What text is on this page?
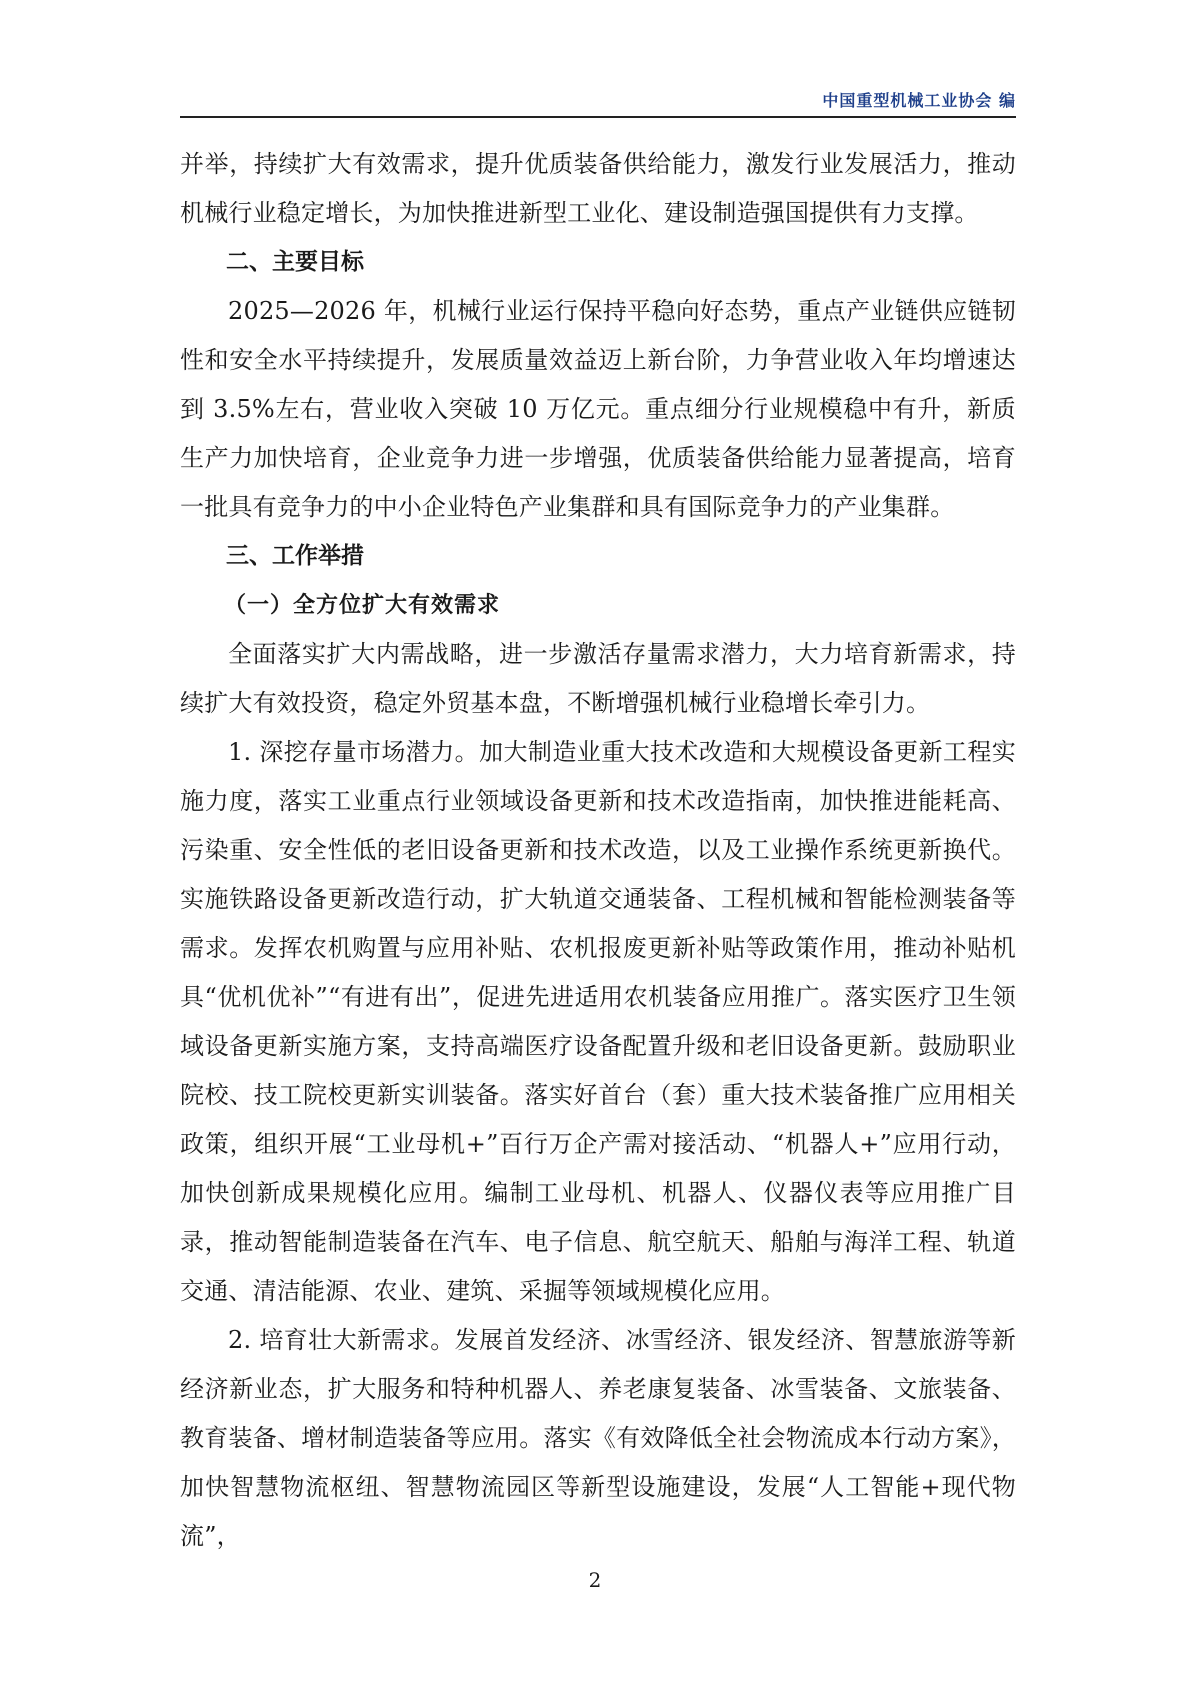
中国重型机械工业协会 编

并举，持续扩大有效需求，提升优质装备供给能力，激发行业发展活力，推动机械行业稳定增长，为加快推进新型工业化、建设制造强国提供有力支撑。

二、主要目标

2025—2026 年，机械行业运行保持平稳向好态势，重点产业链供应链韧性和安全水平持续提升，发展质量效益迈上新台阶，力争营业收入年均增速达到 3.5%左右，营业收入突破 10 万亿元。重点细分行业规模稳中有升，新质生产力加快培育，企业竞争力进一步增强，优质装备供给能力显著提高，培育一批具有竞争力的中小企业特色产业集群和具有国际竞争力的产业集群。

三、工作举措

（一）全方位扩大有效需求

全面落实扩大内需战略，进一步激活存量需求潜力，大力培育新需求，持续扩大有效投资，稳定外贸基本盘，不断增强机械行业稳增长牵引力。

1. 深挖存量市场潜力。加大制造业重大技术改造和大规模设备更新工程实施力度，落实工业重点行业领域设备更新和技术改造指南，加快推进能耗高、污染重、安全性低的老旧设备更新和技术改造，以及工业操作系统更新换代。实施铁路设备更新改造行动，扩大轨道交通装备、工程机械和智能检测装备等需求。发挥农机购置与应用补贴、农机报废更新补贴等政策作用，推动补贴机具“优机优补”“有进有出”，促进先进适用农机装备应用推广。落实医疗卫生领域设备更新实施方案，支持高端医疗设备配置升级和老旧设备更新。鼓励职业院校、技工院校更新实训装备。落实好首台（套）重大技术装备推广应用相关政策，组织开展“工业母机+”百行万企产需对接活动、“机器人+”应用行动，加快创新成果规模化应用。编制工业母机、机器人、仪器仪表等应用推广目录，推动智能制造装备在汽车、电子信息、航空航天、船舶与海洋工程、轨道交通、清洁能源、农业、建筑、采掘等领域规模化应用。

2. 培育壮大新需求。发展首发经济、冰雪经济、银发经济、智慧旅游等新经济新业态，扩大服务和特种机器人、养老康复装备、冰雪装备、文旅装备、教育装备、增材制造装备等应用。落实《有效降低全社会物流成本行动方案》，加快智慧物流枢纽、智慧物流园区等新型设施建设，发展“人工智能+现代物流”，

2
